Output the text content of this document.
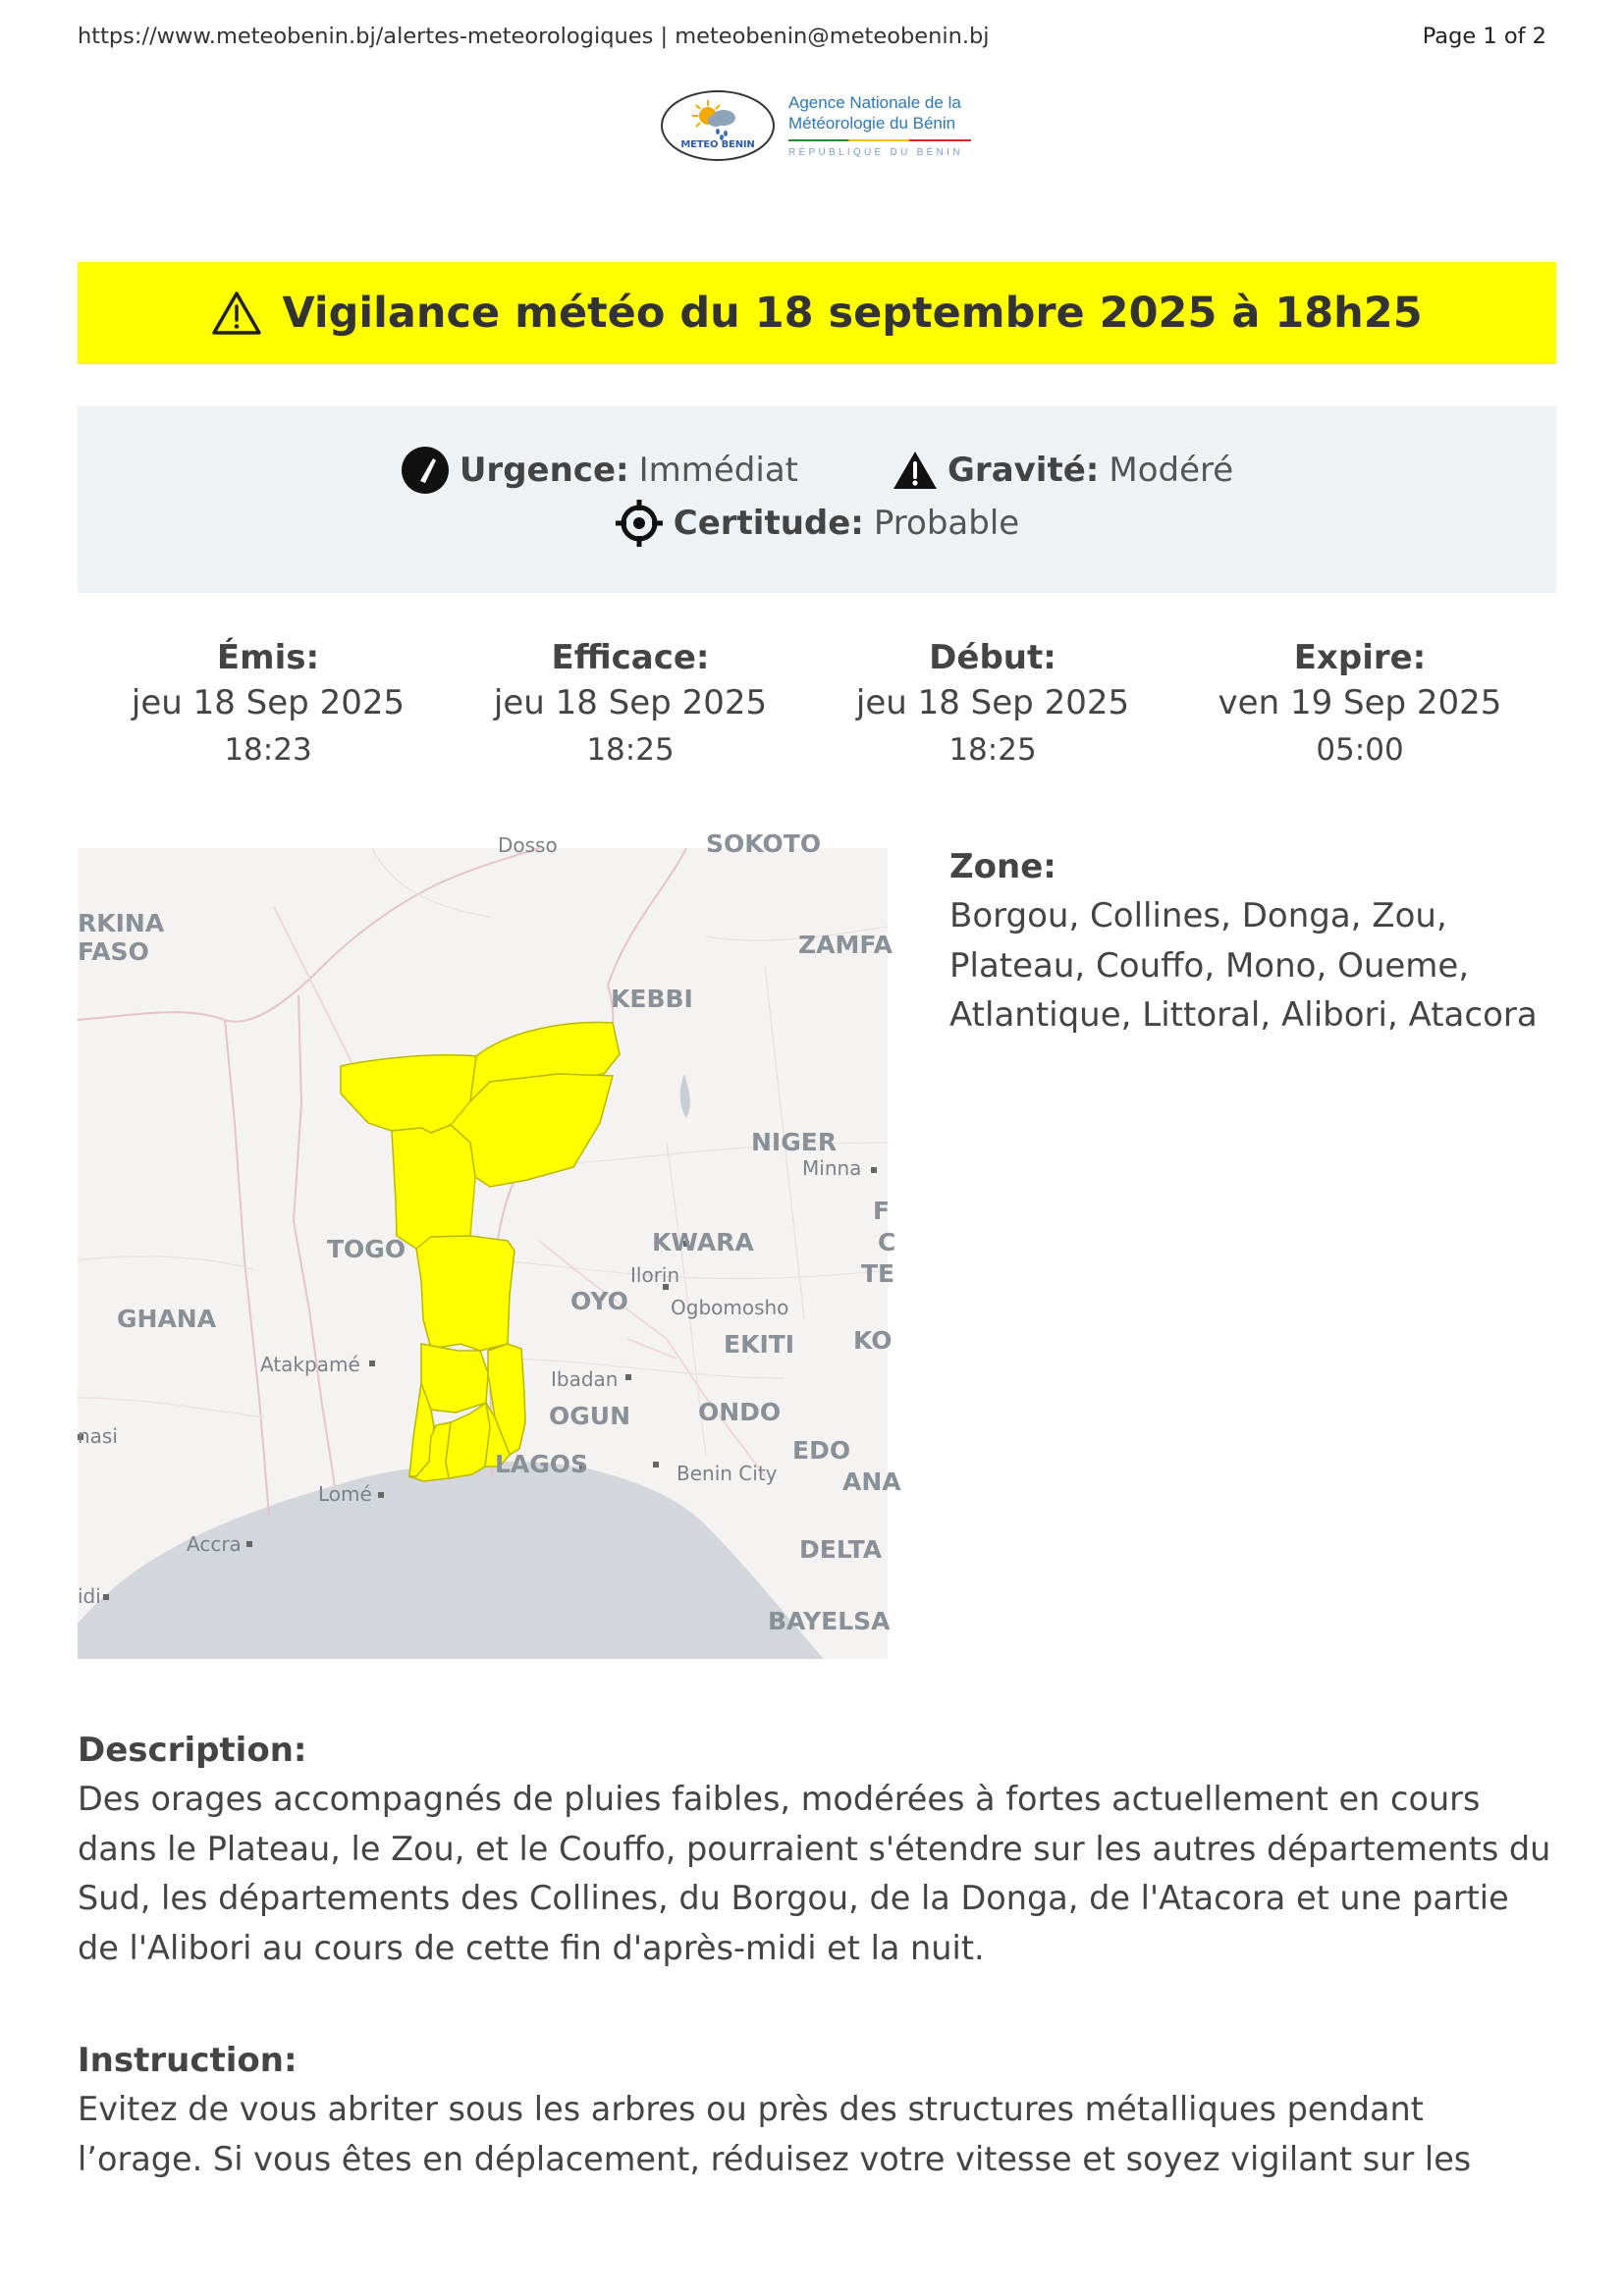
https://www.meteobenin.bj/alertes-meteorologiques | meteobenin@meteobenin.bj	Page 1 of 2
METEO BENIN
Agence Nationale de la
Météorologie du Bénin
RÉPUBLIQUE DU BÉNIN
Vigilance météo du 18 septembre 2025 à 18h25
Urgence: Immédiat	Gravité: Modéré
Certitude: Probable
Émis:
jeu 18 Sep 2025
18:23
Efficace:
jeu 18 Sep 2025
18:25
Début:
jeu 18 Sep 2025
18:25
Expire:
ven 19 Sep 2025
05:00
RKINA
FASO	ZAMFA
KEBBI
NIGER
TOGO	KWARA
OYO
GHANA
EKITI KO
OGUN	ONDO
LAGOS	EDO
ANA
DELTA
BAYELSA
SOKOTO
F
C
TE
Dosso
Minna
Ilorin
Ogbomosho
Atakpamé
Ibadan
nasi
Benin City
Lomé
Accra
idi
Zone:
Borgou, Collines, Donga, Zou,
Plateau, Couffo, Mono, Oueme,
Atlantique, Littoral, Alibori, Atacora
Description:
Des orages accompagnés de pluies faibles, modérées à fortes actuellement en cours
dans le Plateau, le Zou, et le Couffo, pourraient s'étendre sur les autres départements du
Sud, les départements des Collines, du Borgou, de la Donga, de l'Atacora et une partie
de l'Alibori au cours de cette fin d'après-midi et la nuit.
Instruction:
Evitez de vous abriter sous les arbres ou près des structures métalliques pendant
l’orage. Si vous êtes en déplacement, réduisez votre vitesse et soyez vigilant sur les
